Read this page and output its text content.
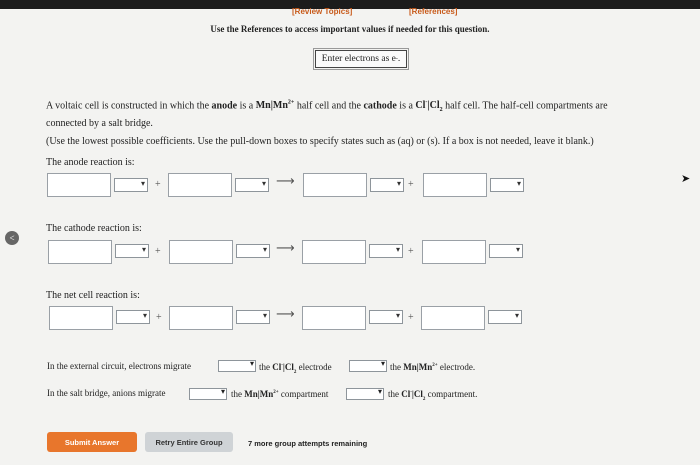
[Review Topics]	[References]
Use the References to access important values if needed for this question.
Enter electrons as e - .
A voltaic cell is constructed in which the anode is a $Mn|Mn^{2+}$ half cell and the cathode is a $Cl^-|Cl_2$ half cell. The half-cell compartments are
connected by a salt bridge.
(Use the lowest possible coefficients. Use the pull-down boxes to specify states such as (aq) or (s). If a box is not needed, leave it blank.)
The anode reaction is:
The cathode reaction is:
The net cell reaction is:
▾ +	▾ ⟶	▾ +	▾
▾ +	▾ ⟶	▾ +	▾
▾ +	▾ ⟶	▾ +	▾
In the external circuit, electrons migrate	▾ the $Cl^-|Cl_2$ electrode	▾ the $Mn|Mn^{2+}$ electrode.
In the salt bridge, anions migrate	▾ the $Mn|Mn^{2+}$ compartment	▾ the $Cl^-|Cl_2$ compartment.
Submit Answer	Retry Entire Group	7 more group attempts remaining
<
➤
